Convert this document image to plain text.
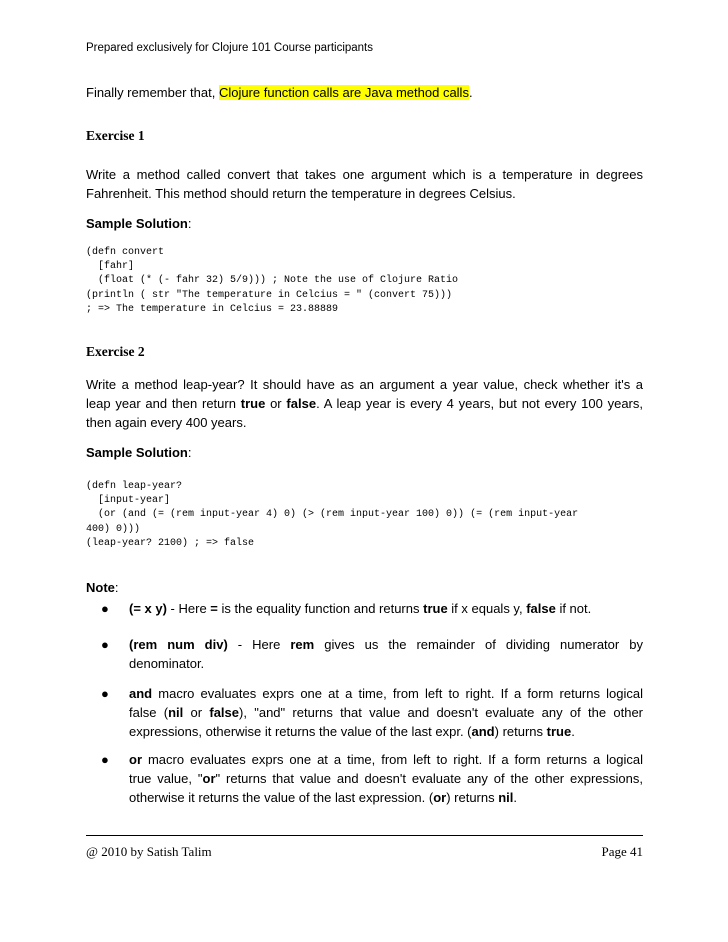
Prepared exclusively for Clojure 101 Course participants
Finally remember that, Clojure function calls are Java method calls.
Exercise 1
Write a method called convert that takes one argument which is a temperature in degrees
Fahrenheit. This method should return the temperature in degrees Celsius.
Sample Solution:
(defn convert
[fahr]
(float (* (- fahr 32) 5/9))) ; Note the use of Clojure Ratio
(println ( str "The temperature in Celcius = " (convert 75)))
; => The temperature in Celcius = 23.88889
Exercise 2
Write a method leap-year? It should have as an argument a year value, check whether it's a
leap year and then return true or false. A leap year is every 4 years, but not every 100 years,
then again every 400 years.
Sample Solution:
(defn leap-year?
[input-year]
(or (and (= (rem input-year 4) 0) (> (rem input-year 100) 0)) (= (rem input-year
400) 0)))
(leap-year? 2100) ; => false
Note:
● (= x y) - Here = is the equality function and returns true if x equals y, false if not.
● (rem num div) - Here rem gives us the remainder of dividing numerator by
denominator.
● and macro evaluates exprs one at a time, from left to right. If a form returns logical
false (nil or false), "and" returns that value and doesn't evaluate any of the other
expressions, otherwise it returns the value of the last expr. (and) returns true.
● or macro evaluates exprs one at a time, from left to right. If a form returns a logical
true value, "or" returns that value and doesn't evaluate any of the other expressions,
otherwise it returns the value of the last expression. (or) returns nil.
@ 2010 by Satish Talim	Page 41
